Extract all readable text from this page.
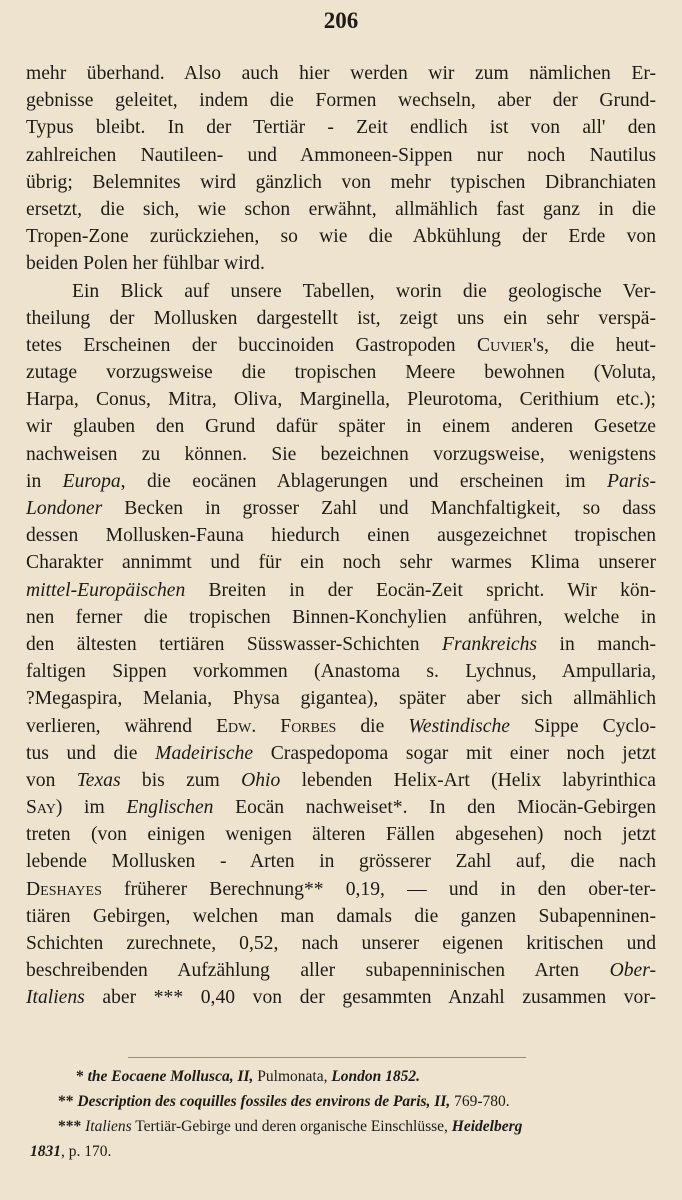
206
mehr überhand. Also auch hier werden wir zum nämlichen Er-
gebnisse geleitet, indem die Formen wechseln, aber der Grund-
Typus bleibt. In der Tertiär - Zeit endlich ist von all' den
zahlreichen Nautileen- und Ammoneen-Sippen nur noch Nautilus
übrig; Belemnites wird gänzlich von mehr typischen Dibranchiaten
ersetzt, die sich, wie schon erwähnt, allmählich fast ganz in die
Tropen-Zone zurückziehen, so wie die Abkühlung der Erde von
beiden Polen her fühlbar wird.
Ein Blick auf unsere Tabellen, worin die geologische Ver-
theilung der Mollusken dargestellt ist, zeigt uns ein sehr verspä-
tetes Erscheinen der buccinoiden Gastropoden Cuvier's, die heut-
zutage vorzugsweise die tropischen Meere bewohnen (Voluta,
Harpa, Conus, Mitra, Oliva, Marginella, Pleurotoma, Cerithium etc.);
wir glauben den Grund dafür später in einem anderen Gesetze
nachweisen zu können. Sie bezeichnen vorzugsweise, wenigstens
in Europa, die eocänen Ablagerungen und erscheinen im Paris-
Londoner Becken in grosser Zahl und Manchfaltigkeit, so dass
dessen Mollusken-Fauna hiedurch einen ausgezeichnet tropischen
Charakter annimmt und für ein noch sehr warmes Klima unserer
mittel-Europäischen Breiten in der Eocän-Zeit spricht. Wir kön-
nen ferner die tropischen Binnen-Konchylien anführen, welche in
den ältesten tertiären Süsswasser-Schichten Frankreichs in manch-
faltigen Sippen vorkommen (Anastoma s. Lychnus, Ampullaria,
?Megaspira, Melania, Physa gigantea), später aber sich allmählich
verlieren, während Edw. Forbes die Westindische Sippe Cyclo-
tus und die Madeirische Craspedopoma sogar mit einer noch jetzt
von Texas bis zum Ohio lebenden Helix-Art (Helix labyrinthica
Say) im Englischen Eocän nachweiset*. In den Miocän-Gebirgen
treten (von einigen wenigen älteren Fällen abgesehen) noch jetzt
lebende Mollusken - Arten in grösserer Zahl auf, die nach
Deshayes früherer Berechnung** 0,19, — und in den ober-ter-
tiären Gebirgen, welchen man damals die ganzen Subapenninen-
Schichten zurechnete, 0,52, nach unserer eigenen kritischen und
beschreibenden Aufzählung aller subapenninischen Arten Ober-
Italiens aber *** 0,40 von der gesammten Anzahl zusammen vor-
* the Eocaene Mollusca, II, Pulmonata, London 1852.
** Description des coquilles fossiles des environs de Paris, II, 769-780.
*** Italiens Tertiär-Gebirge und deren organische Einschlüsse, Heidelberg
1831, p. 170.
